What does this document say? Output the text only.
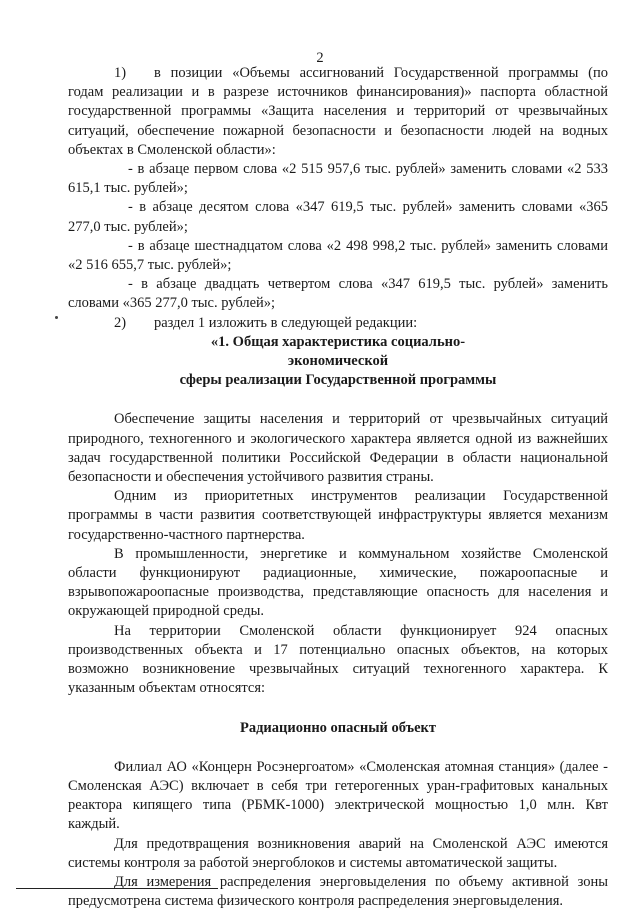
2

1) в позиции «Объемы ассигнований Государственной программы (по годам реализации и в разрезе источников финансирования)» паспорта областной государственной программы «Защита населения и территорий от чрезвычайных ситуаций, обеспечение пожарной безопасности и безопасности людей на водных объектах в Смоленской области»:

- в абзаце первом слова «2 515 957,6 тыс. рублей» заменить словами «2 533 615,1 тыс. рублей»;

- в абзаце десятом слова «347 619,5 тыс. рублей» заменить словами «365 277,0 тыс. рублей»;

- в абзаце шестнадцатом слова «2 498 998,2 тыс. рублей» заменить словами «2 516 655,7 тыс. рублей»;

- в абзаце двадцать четвертом слова «347 619,5 тыс. рублей» заменить словами «365 277,0 тыс. рублей»;

2) раздел 1 изложить в следующей редакции:

«1. Общая характеристика социально-

экономической

сферы реализации Государственной программы

Обеспечение защиты населения и территорий от чрезвычайных ситуаций природного, техногенного и экологического характера является одной из важнейших задач государственной политики Российской Федерации в области национальной безопасности и обеспечения устойчивого развития страны.

Одним из приоритетных инструментов реализации Государственной программы в части развития соответствующей инфраструктуры является механизм государственно-частного партнерства.

В промышленности, энергетике и коммунальном хозяйстве Смоленской области функционируют радиационные, химические, пожароопасные и взрывопожароопасные производства, представляющие опасность для населения и окружающей природной среды.

На территории Смоленской области функционирует 924 опасных производственных объекта и 17 потенциально опасных объектов, на которых возможно возникновение чрезвычайных ситуаций техногенного характера. К указанным объектам относятся:

Радиационно опасный объект

Филиал АО «Концерн Росэнергоатом» «Смоленская атомная станция» (далее - Смоленская АЭС) включает в себя три гетерогенных уран-графитовых канальных реактора кипящего типа (РБМК-1000) электрической мощностью 1,0 млн. Квт каждый.

Для предотвращения возникновения аварий на Смоленской АЭС имеются системы контроля за работой энергоблоков и системы автоматической защиты.

Для измерения распределения энерговыделения по объему активной зоны предусмотрена система физического контроля распределения энерговыделения.
